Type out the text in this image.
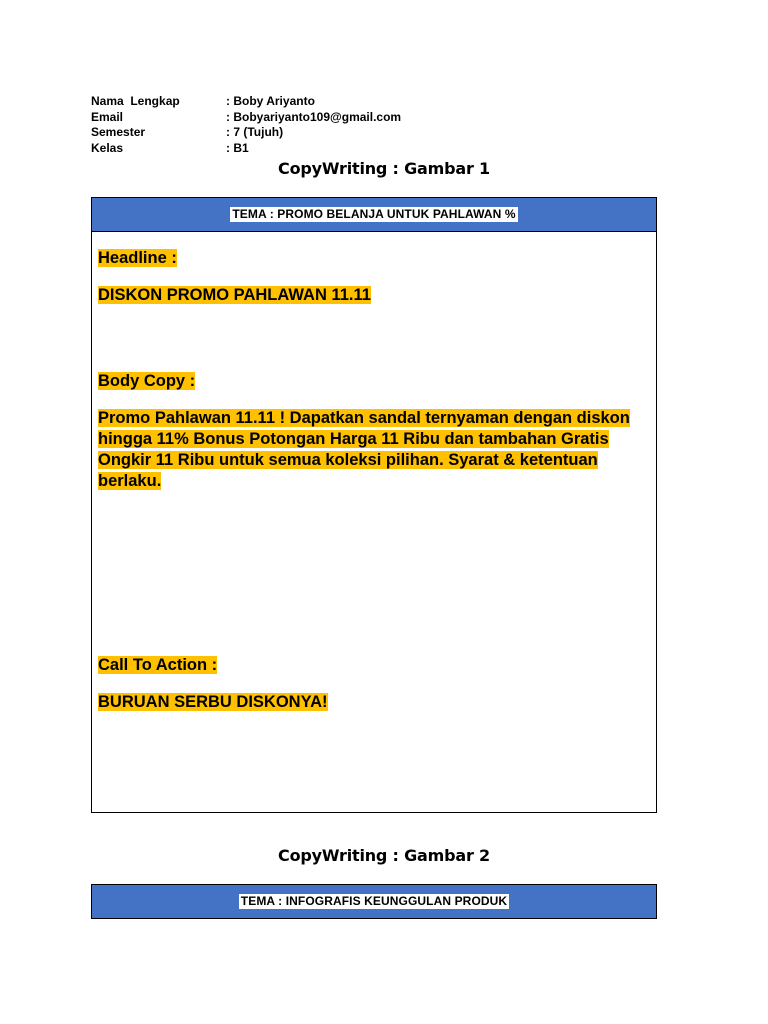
Nama  Lengkap	: Boby Ariyanto
Email	: Bobyariyanto109@gmail.com
Semester	: 7 (Tujuh)
Kelas	: B1
CopyWriting : Gambar 1
TEMA : PROMO BELANJA UNTUK PAHLAWAN %
Headline :
DISKON PROMO PAHLAWAN 11.11
Body Copy :
Promo Pahlawan 11.11 ! Dapatkan sandal ternyaman dengan diskon hingga 11% Bonus Potongan Harga 11 Ribu dan tambahan Gratis Ongkir 11 Ribu untuk semua koleksi pilihan. Syarat & ketentuan berlaku.
Call To Action :
BURUAN SERBU DISKONYA!
CopyWriting : Gambar 2
TEMA : INFOGRAFIS KEUNGGULAN PRODUK
